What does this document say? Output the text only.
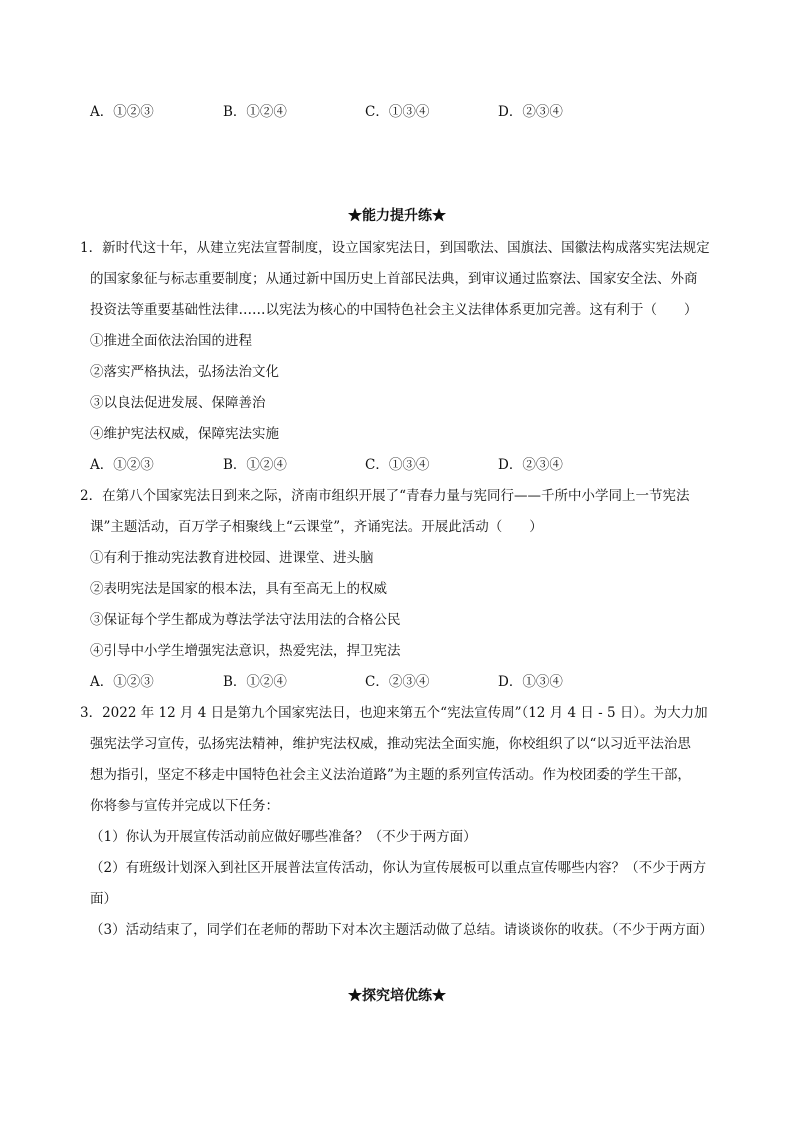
A．①②③	B．①②④	C．①③④	D．②③④
★能力提升练★
1．新时代这十年，从建立宪法宣誓制度，设立国家宪法日，到国歌法、国旗法、国徽法构成落实宪法规定
的国家象征与标志重要制度；从通过新中国历史上首部民法典，到审议通过监察法、国家安全法、外商
投资法等重要基础性法律……以宪法为核心的中国特色社会主义法律体系更加完善。这有利于（　　）
①推进全面依法治国的进程
②落实严格执法，弘扬法治文化
③以良法促进发展、保障善治
④维护宪法权威，保障宪法实施
A．①②③	B．①②④	C．①③④	D．②③④
2．在第八个国家宪法日到来之际，济南市组织开展了“青春力量与宪同行——千所中小学同上一节宪法
课”主题活动，百万学子相聚线上“云课堂”，齐诵宪法。开展此活动（　　）
①有利于推动宪法教育进校园、进课堂、进头脑
②表明宪法是国家的根本法，具有至高无上的权威
③保证每个学生都成为尊法学法守法用法的合格公民
④引导中小学生增强宪法意识，热爱宪法，捍卫宪法
A．①②③	B．①②④	C．②③④	D．①③④
3．2022 年 12 月 4 日是第九个国家宪法日，也迎来第五个“宪法宣传周”（12 月 4 日 - 5 日）。为大力加
强宪法学习宣传，弘扬宪法精神，维护宪法权威，推动宪法全面实施，你校组织了以“以习近平法治思
想为指引，坚定不移走中国特色社会主义法治道路”为主题的系列宣传活动。作为校团委的学生干部，
你将参与宣传并完成以下任务：
（1）你认为开展宣传活动前应做好哪些准备？（不少于两方面）
（2）有班级计划深入到社区开展普法宣传活动，你认为宣传展板可以重点宣传哪些内容？（不少于两方
面）
（3）活动结束了，同学们在老师的帮助下对本次主题活动做了总结。请谈谈你的收获。（不少于两方面）
★探究培优练★
